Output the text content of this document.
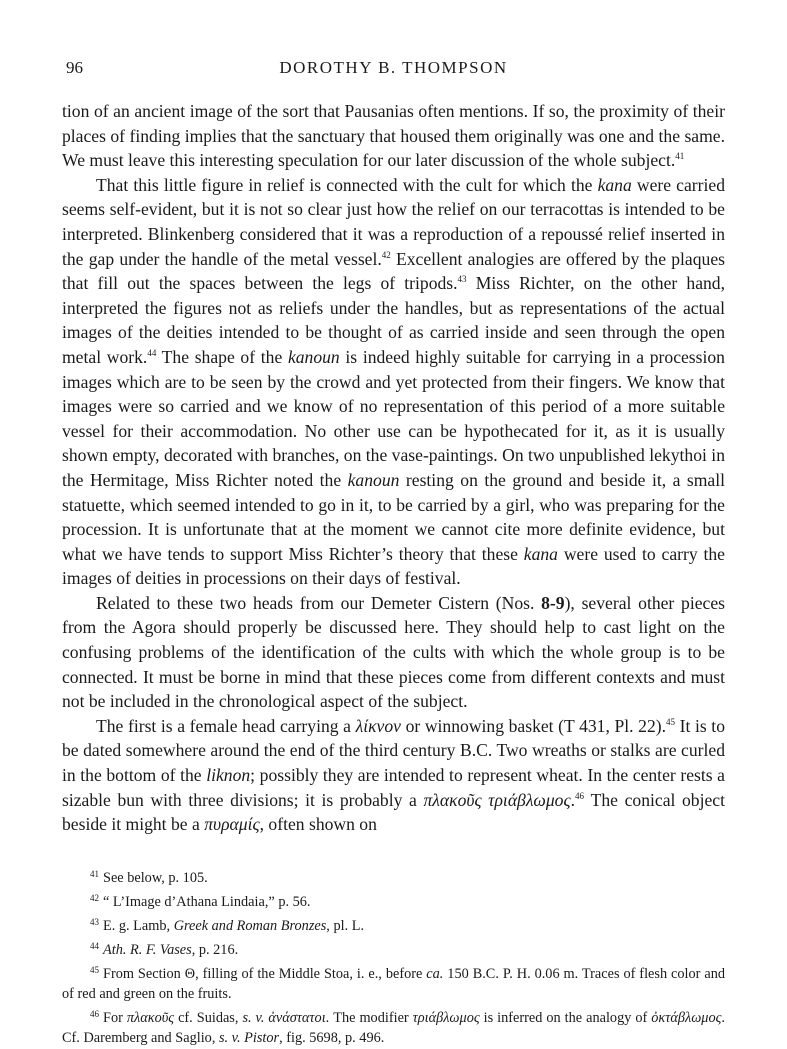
96	DOROTHY B. THOMPSON

tion of an ancient image of the sort that Pausanias often mentions. If so, the proximity of their places of finding implies that the sanctuary that housed them originally was one and the same. We must leave this interesting speculation for our later discussion of the whole subject.$^{41}$

That this little figure in relief is connected with the cult for which the kana were carried seems self-evident, but it is not so clear just how the relief on our terracottas is intended to be interpreted. Blinkenberg considered that it was a reproduction of a repoussé relief inserted in the gap under the handle of the metal vessel.$^{42}$ Excellent analogies are offered by the plaques that fill out the spaces between the legs of tripods.$^{43}$ Miss Richter, on the other hand, interpreted the figures not as reliefs under the handles, but as representations of the actual images of the deities intended to be thought of as carried inside and seen through the open metal work.$^{44}$ The shape of the kanoun is indeed highly suitable for carrying in a procession images which are to be seen by the crowd and yet protected from their fingers. We know that images were so carried and we know of no representation of this period of a more suitable vessel for their accommodation. No other use can be hypothecated for it, as it is usually shown empty, decorated with branches, on the vase-paintings. On two unpublished lekythoi in the Hermitage, Miss Richter noted the kanoun resting on the ground and beside it, a small statuette, which seemed intended to go in it, to be carried by a girl, who was preparing for the procession. It is unfortunate that at the moment we cannot cite more definite evidence, but what we have tends to support Miss Richter’s theory that these kana were used to carry the images of deities in processions on their days of festival.

Related to these two heads from our Demeter Cistern (Nos. 8-9), several other pieces from the Agora should properly be discussed here. They should help to cast light on the confusing problems of the identification of the cults with which the whole group is to be connected. It must be borne in mind that these pieces come from different contexts and must not be included in the chronological aspect of the subject.

The first is a female head carrying a λίκνον or winnowing basket (T 431, Pl. 22).$^{45}$ It is to be dated somewhere around the end of the third century B.C. Two wreaths or stalks are curled in the bottom of the liknon; possibly they are intended to represent wheat. In the center rests a sizable bun with three divisions; it is probably a πλακοῦς τριάβλωμος.$^{46}$ The conical object beside it might be a πυραμίς, often shown on

$^{41}$ See below, p. 105.
$^{42}$ “ L’Image d’Athana Lindaia,” p. 56.
$^{43}$ E. g. Lamb, Greek and Roman Bronzes, pl. L.
$^{44}$ Ath. R. F. Vases, p. 216.
$^{45}$ From Section Θ, filling of the Middle Stoa, i. e., before ca. 150 B.C. P. H. 0.06 m. Traces of flesh color and of red and green on the fruits.
$^{46}$ For πλακοῦς cf. Suidas, s. v. ἀνάστατοι. The modifier τριάβλωμος is inferred on the analogy of ὀκτάβλωμος. Cf. Daremberg and Saglio, s. v. Pistor, fig. 5698, p. 496.
